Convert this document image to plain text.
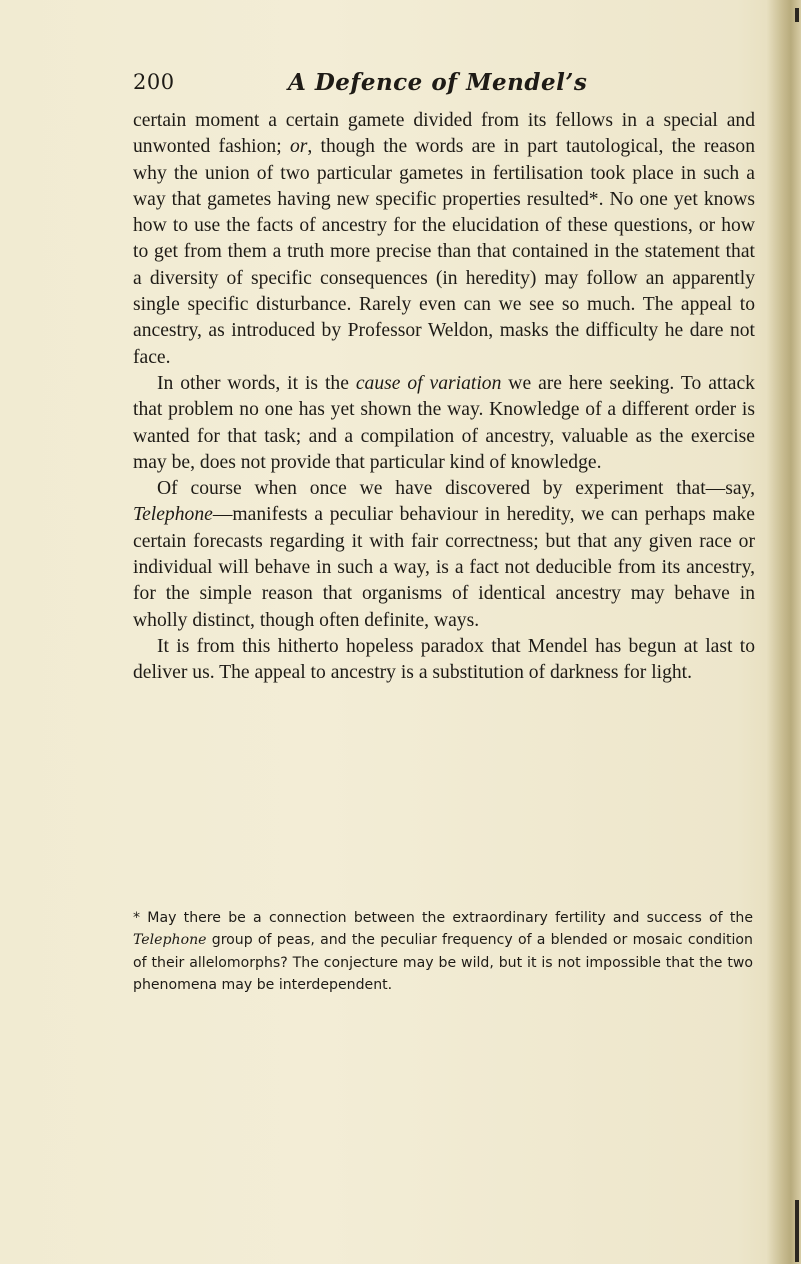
200	A Defence of Mendel’s

certain moment a certain gamete divided from its fellows in a special and unwonted fashion; or, though the words are in part tautological, the reason why the union of two particular gametes in fertilisation took place in such a way that gametes having new specific properties resulted*. No one yet knows how to use the facts of ancestry for the elucidation of these questions, or how to get from them a truth more precise than that contained in the statement that a diversity of specific consequences (in heredity) may follow an apparently single specific disturbance. Rarely even can we see so much. The appeal to ancestry, as introduced by Professor Weldon, masks the difficulty he dare not face.

In other words, it is the cause of variation we are here seeking. To attack that problem no one has yet shown the way. Knowledge of a different order is wanted for that task; and a compilation of ancestry, valuable as the exercise may be, does not provide that particular kind of knowledge.

Of course when once we have discovered by experiment that—say, Telephone—manifests a peculiar behaviour in heredity, we can perhaps make certain forecasts regarding it with fair correctness; but that any given race or individual will behave in such a way, is a fact not deducible from its ancestry, for the simple reason that organisms of identical ancestry may behave in wholly distinct, though often definite, ways.

It is from this hitherto hopeless paradox that Mendel has begun at last to deliver us. The appeal to ancestry is a substitution of darkness for light.

* May there be a connection between the extraordinary fertility and success of the Telephone group of peas, and the peculiar frequency of a blended or mosaic condition of their allelomorphs? The conjecture may be wild, but it is not impossible that the two phenomena may be interdependent.
